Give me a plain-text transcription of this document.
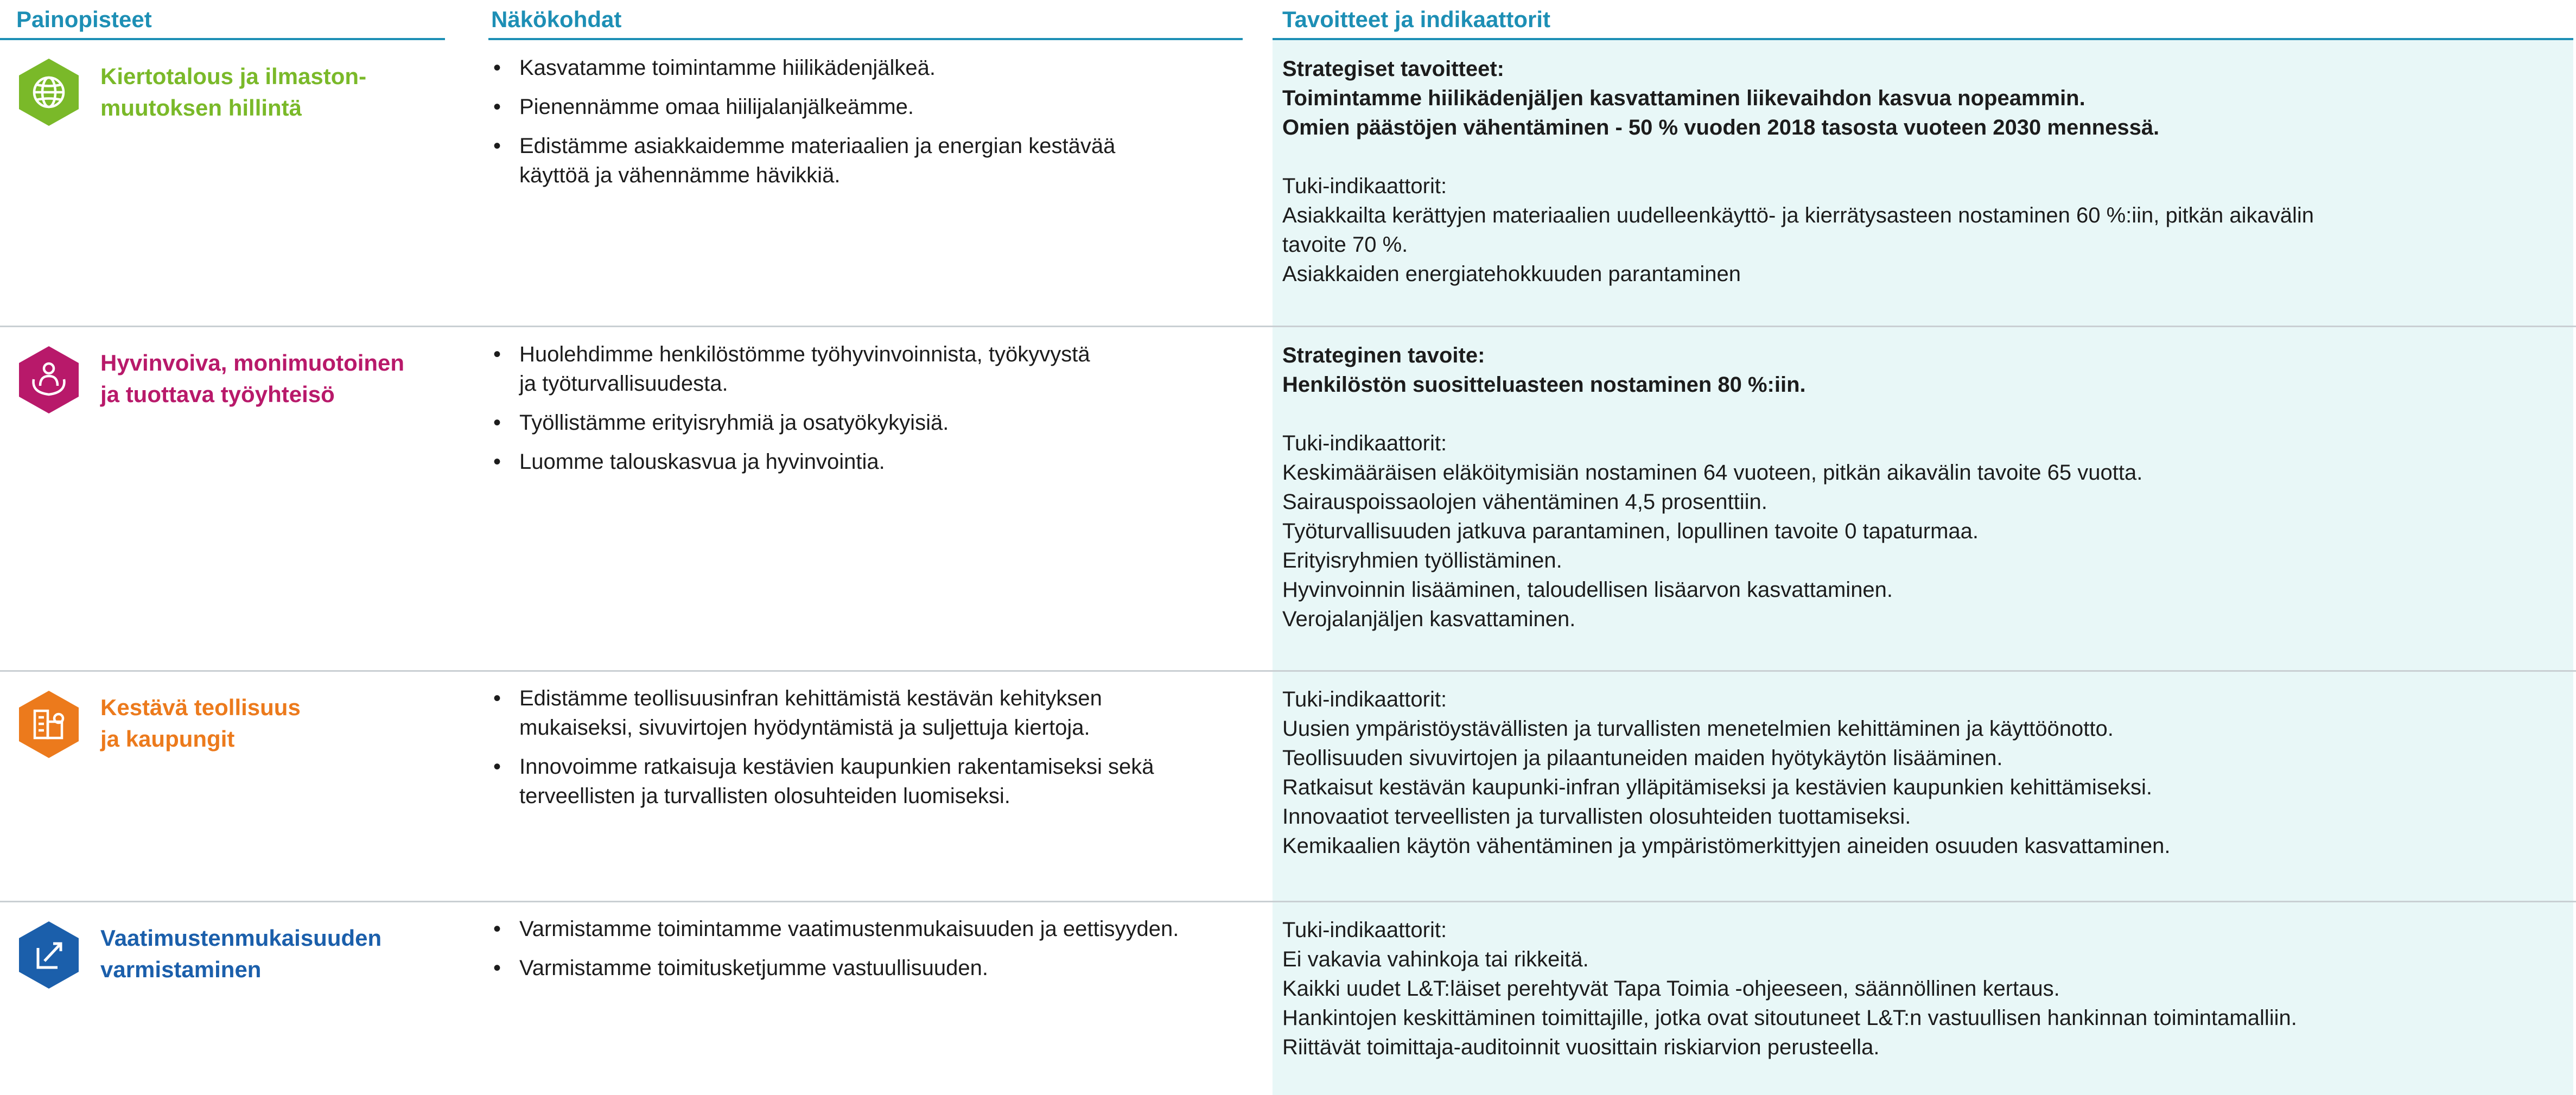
Painopisteet	Näkökohdat	Tavoitteet ja indikaattorit
Kiertotalous ja ilmaston-
muutoksen hillintä
• Kasvatamme toimintamme hiilikädenjälkeä.
• Pienennämme omaa hiilijalanjälkeämme.
• Edistämme asiakkaidemme materiaalien ja energian kestävää
käyttöä ja vähennämme hävikkiä.
Strategiset tavoitteet:
Toimintamme hiilikädenjäljen kasvattaminen liikevaihdon kasvua nopeammin.
Omien päästöjen vähentäminen - 50 % vuoden 2018 tasosta vuoteen 2030 mennessä.
Tuki-indikaattorit:
Asiakkailta kerättyjen materiaalien uudelleenkäyttö- ja kierrätysasteen nostaminen 60 %:iin, pitkän aikavälin
tavoite 70 %.
Asiakkaiden energiatehokkuuden parantaminen
Hyvinvoiva, monimuotoinen
ja tuottava työyhteisö
• Huolehdimme henkilöstömme työhyvinvoinnista, työkyvystä
ja työturvallisuudesta.
• Työllistämme erityisryhmiä ja osatyökykyisiä.
• Luomme talouskasvua ja hyvinvointia.
Strateginen tavoite:
Henkilöstön suositteluasteen nostaminen 80 %:iin.
Tuki-indikaattorit:
Keskimääräisen eläköitymisiän nostaminen 64 vuoteen, pitkän aikavälin tavoite 65 vuotta.
Sairauspoissaolojen vähentäminen 4,5 prosenttiin.
Työturvallisuuden jatkuva parantaminen, lopullinen tavoite 0 tapaturmaa.
Erityisryhmien työllistäminen.
Hyvinvoinnin lisääminen, taloudellisen lisäarvon kasvattaminen.
Verojalanjäljen kasvattaminen.
Kestävä teollisuus
ja kaupungit
• Edistämme teollisuusinfran kehittämistä kestävän kehityksen
mukaiseksi, sivuvirtojen hyödyntämistä ja suljettuja kiertoja.
• Innovoimme ratkaisuja kestävien kaupunkien rakentamiseksi sekä
terveellisten ja turvallisten olosuhteiden luomiseksi.
Tuki-indikaattorit:
Uusien ympäristöystävällisten ja turvallisten menetelmien kehittäminen ja käyttöönotto.
Teollisuuden sivuvirtojen ja pilaantuneiden maiden hyötykäytön lisääminen.
Ratkaisut kestävän kaupunki-infran ylläpitämiseksi ja kestävien kaupunkien kehittämiseksi.
Innovaatiot terveellisten ja turvallisten olosuhteiden tuottamiseksi.
Kemikaalien käytön vähentäminen ja ympäristömerkittyjen aineiden osuuden kasvattaminen.
Vaatimustenmukaisuuden
varmistaminen
• Varmistamme toimintamme vaatimustenmukaisuuden ja eettisyyden.
• Varmistamme toimitusketjumme vastuullisuuden.
Tuki-indikaattorit:
Ei vakavia vahinkoja tai rikkeitä.
Kaikki uudet L&T:läiset perehtyvät Tapa Toimia -ohjeeseen, säännöllinen kertaus.
Hankintojen keskittäminen toimittajille, jotka ovat sitoutuneet L&T:n vastuullisen hankinnan toimintamalliin.
Riittävät toimittaja-auditoinnit vuosittain riskiarvion perusteella.
